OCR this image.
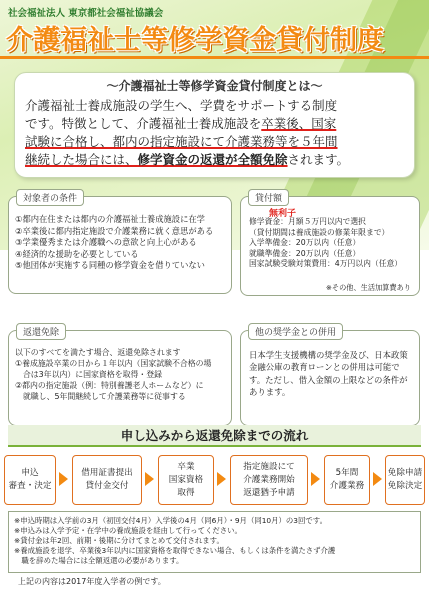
社会福祉法人 東京都社会福祉協議会
介護福祉士等修学資金貸付制度
～介護福祉士等修学資金貸付制度とは～
介護福祉士養成施設の学生へ、学費をサポートする制度
です。特徴として、介護福祉士養成施設を卒業後、国家
試験に合格し、都内の指定施設にて介護業務等を５年間
継続した場合には、修学資金の返還が全額免除されます。
①都内在住または都内の介護福祉士養成施設に在学
②卒業後に都内指定施設で介護業務に就く意思がある
③学業優秀または介護職への意欲と向上心がある
④経済的な援助を必要としている
⑤他団体が実施する同種の修学資金を借りていない
対象者の条件
無利子
修学資金：月額５万円以内で選択
（貸付期間は養成施設の修業年限まで）
入学準備金：20万以内（任意）
就職準備金：20万以内（任意）
国家試験受験対策費用：4万円以内（任意）
※その他、生活加算費あり
貸付額
以下のすべてを満たす場合、返還免除されます
①養成施設卒業の日から１年以内（国家試験不合格の場
　合は3年以内）に国家資格を取得・登録
②都内の指定施設（例：特別養護老人ホームなど）に
　就職し、5年間継続して介護業務等に従事する
返還免除
日本学生支援機構の奨学金及び、日本政策金融公庫の教育ローンとの併用は可能です。ただし、借入金額の上限などの条件があります。
他の奨学金との併用
申し込みから返還免除までの流れ
申込
審査・決定
借用証書提出
貸付金交付
卒業
国家資格
取得
指定施設にて
介護業務開始
返還猶予申請
5年間
介護業務
免除申請
免除決定
※申込時期は入学前の3月（初回交付4月）入学後の4月（同6月）・9月（同10月）の3回です。
※申込みは入学予定・在学中の養成施設を経由して行ってください。
※貸付金は年2回、前期・後期に分けてまとめて交付されます。
※養成施設を退学、卒業後3年以内に国家資格を取得できない場合、もしくは条件を満たさず介護
　職を辞めた場合には全額返還の必要があります。
上記の内容は2017年度入学者の例です。
